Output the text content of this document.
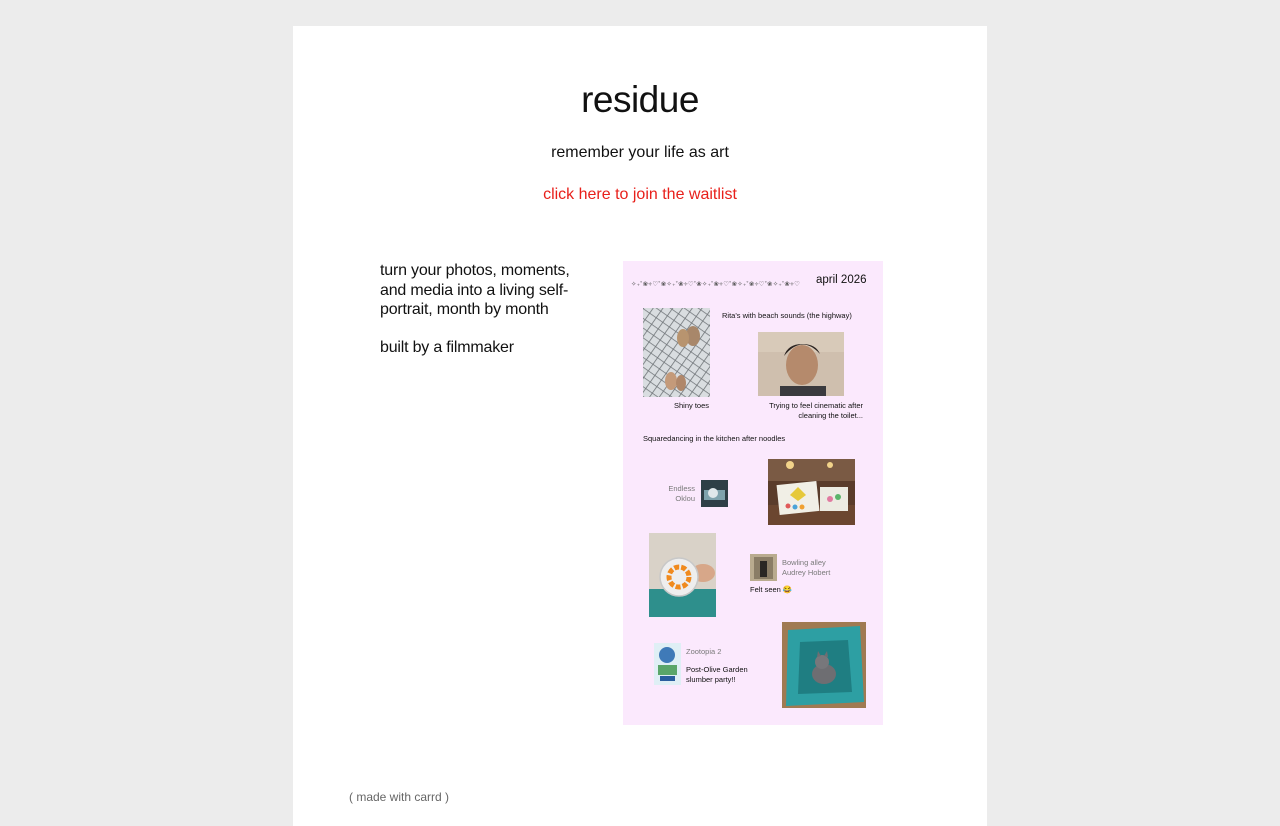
residue
remember your life as art
click here to join the waitlist

turn your photos, moments, and media into a living self-portrait, month by month

built by a filmmaker

✧₊˚❀༓♡˚❀✧₊˚❀༓♡˚❀✧₊˚❀༓♡˚❀✧₊˚❀༓♡˚❀✧₊˚❀༓♡	april 2026
Rita's with beach sounds (the highway)
Shiny toes	Trying to feel cinematic after cleaning the toilet...
Squaredancing in the kitchen after noodles
Endless
Oklou
Bowling alley
Audrey Hobert
Felt seen 😂
Zootopia 2
Post-Olive Garden slumber party!!
( made with carrd )
